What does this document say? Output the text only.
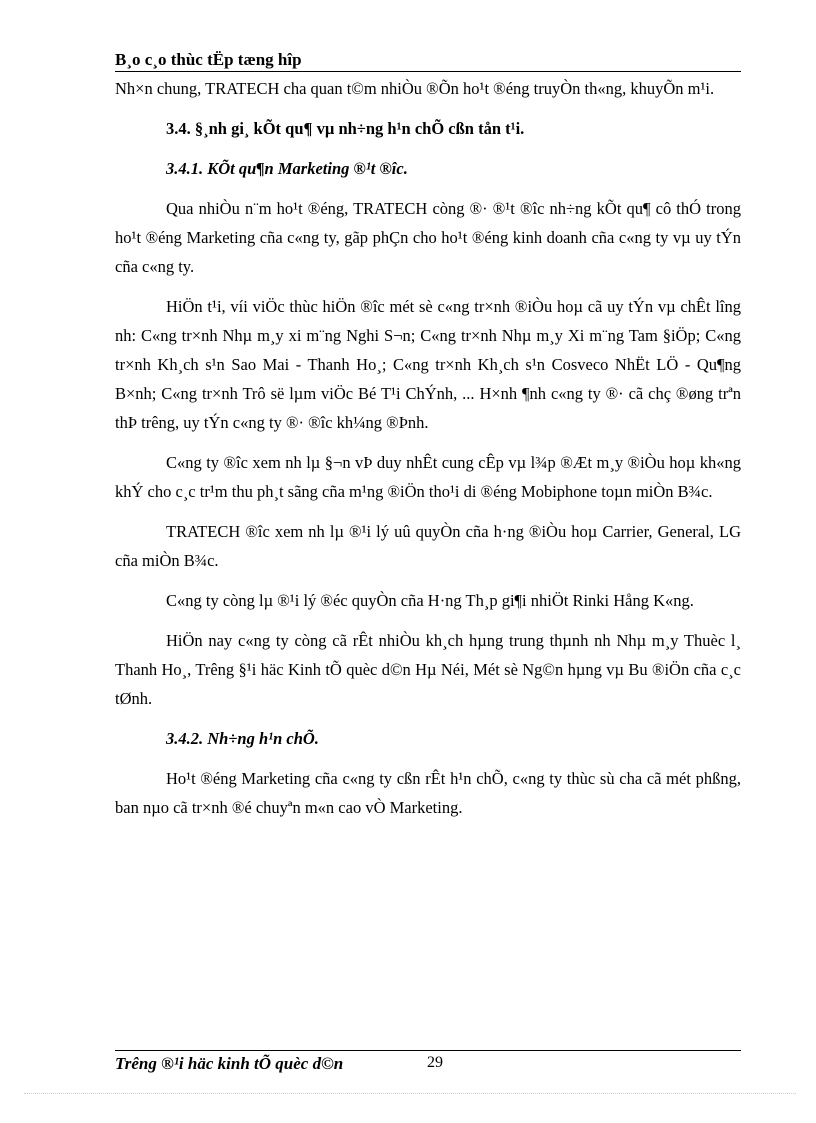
B¸o c¸o thùc tËp tæng hîp

Nh×n chung, TRATECH cha quan t©m nhiÒu ®Õn ho¹t ®éng truyÒn th«ng, khuyÕn m¹i.

3.4. §¸nh gi¸ kÕt qu¶ vµ nh÷ng h¹n chÕ cßn tån t¹i.
3.4.1. KÕt qu¶n Marketing ®¹t ®îc.

Qua nhiÒu n¨m ho¹t ®éng, TRATECH còng ®· ®¹t ®îc nh÷ng kÕt qu¶ cô thÓ trong ho¹t ®éng Marketing cña c«ng ty, gãp phÇn cho ho¹t ®éng kinh doanh cña c«ng ty vµ uy tÝn cña c«ng ty.

HiÖn t¹i, víi viÖc thùc hiÖn ®îc mét sè c«ng tr×nh ®iÒu hoµ cã uy tÝn vµ chÊt lîng nh: C«ng tr×nh Nhµ m¸y xi m¨ng Nghi S¬n; C«ng tr×nh Nhµ m¸y Xi m¨ng Tam §iÖp; C«ng tr×nh Kh¸ch s¹n Sao Mai - Thanh Ho¸; C«ng tr×nh Kh¸ch s¹n Cosveco NhËt LÖ - Qu¶ng B×nh; C«ng tr×nh Trô së lµm viÖc Bé T¹i ChÝnh, ... H×nh ¶nh c«ng ty ®· cã chç ®øng trªn thÞ trêng, uy tÝn c«ng ty ®· ®îc kh¼ng ®Þnh.

C«ng ty ®îc xem nh lµ §¬n vÞ duy nhÊt cung cÊp vµ l¾p ®Æt m¸y ®iÒu hoµ kh«ng khÝ cho c¸c tr¹m thu ph¸t sãng cña m¹ng ®iÖn tho¹i di ®éng Mobiphone toµn miÒn B¾c.

TRATECH ®îc xem nh lµ ®¹i lý uû quyÒn cña h·ng ®iÒu hoµ Carrier, General, LG cña miÒn B¾c.

C«ng ty còng lµ ®¹i lý ®éc quyÒn cña H·ng Th¸p gi¶i nhiÖt Rinki Hång K«ng.

HiÖn nay c«ng ty còng cã rÊt nhiÒu kh¸ch hµng trung thµnh nh Nhµ m¸y Thuèc l¸ Thanh Ho¸, Trêng §¹i häc Kinh tÕ quèc d©n Hµ Néi, Mét sè Ng©n hµng vµ Bu ®iÖn cña c¸c tØnh.

3.4.2. Nh÷ng h¹n chÕ.

Ho¹t ®éng Marketing cña c«ng ty cßn rÊt h¹n chÕ, c«ng ty thùc sù cha cã mét phßng, ban nµo cã tr×nh ®é chuyªn m«n cao vÒ Marketing.

Trêng ®¹i häc kinh tÕ quèc d©n	29
